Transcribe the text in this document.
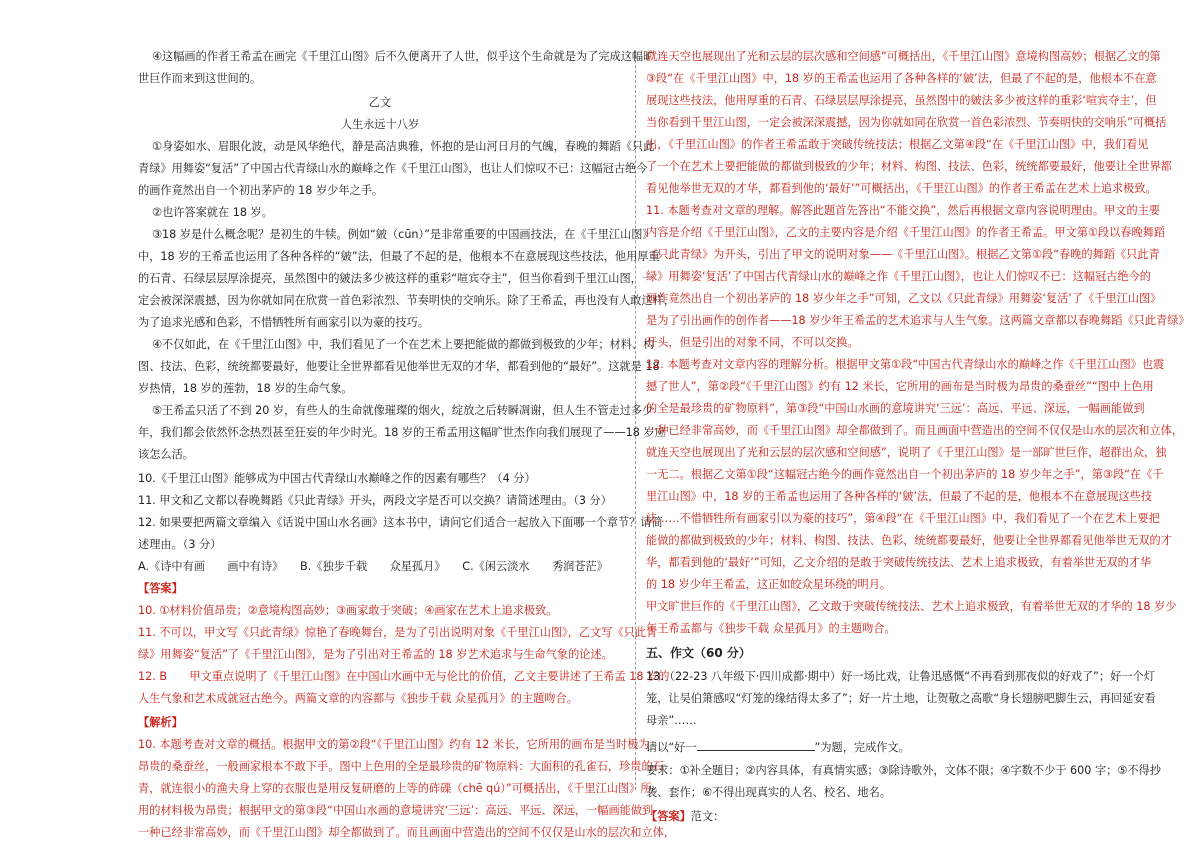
④这幅画的作者王希孟在画完《千里江山图》后不久便离开了人世，似乎这个生命就是为了完成这幅旷
世巨作而来到这世间的。
乙文
人生永远十八岁
①身姿如水、眉眼化波，动是风华绝代，静是高洁典雅，怀抱的是山河日月的气魄，春晚的舞蹈《只此
青绿》用舞姿“复活”了中国古代青绿山水的巅峰之作《千里江山图》，也让人们惊叹不已：这幅冠古绝今
的画作竟然出自一个初出茅庐的 18 岁少年之手。
②也许答案就在 18 岁。
③18 岁是什么概念呢？是初生的牛犊。例如“皴（cūn）”是非常重要的中国画技法，在《千里江山图》
中，18 岁的王希孟也运用了各种各样的“皴”法，但最了不起的是，他根本不在意展现这些技法，他用厚重
的石青、石绿层层厚涂提亮，虽然图中的皴法多少被这样的重彩“喧宾夺主”，但当你看到千里江山图，一
定会被深深震撼，因为你就如同在欣赏一首色彩浓烈、节奏明快的交响乐。除了王希孟，再也没有人敢这样，
为了追求光感和色彩，不惜牺牲所有画家引以为豪的技巧。
④不仅如此，在《千里江山图》中，我们看见了一个在艺术上要把能做的都做到极致的少年；材料、构
图、技法、色彩，统统都要最好，他要让全世界都看见他举世无双的才华，都看到他的“最好”。这就是 18
岁热情，18 岁的莲勃，18 岁的生命气象。
⑤王希孟只活了不到 20 岁，有些人的生命就像璀璨的烟火，绽放之后转瞬凋谢，但人生不管走过多少
年，我们都会依然怀念热烈甚至狂妄的年少时光。18 岁的王希孟用这幅旷世杰作向我们展现了——18 岁应
该怎么活。
10.《千里江山图》能够成为中国古代青绿山水巅峰之作的因素有哪些？（4 分）
11. 甲文和乙文都以春晚舞蹈《只此青绿》开头，两段文字是否可以交换？请简述理由。（3 分）
12. 如果要把两篇文章编入《话说中国山水名画》这本书中，请问它们适合一起放入下面哪一个章节？请简
述理由。（3 分）
A.《诗中有画　　画中有诗》　　B.《独步千载　　众星孤月》　　C.《闲云淡水　　秀润苍茫》
【答案】
10. ①材料价值昂贵；②意境构图高妙；③画家敢于突破；④画家在艺术上追求极致。
11. 不可以，甲文写《只此青绿》惊艳了春晚舞台，是为了引出说明对象《千里江山图》，乙文写《只此青
绿》用舞姿“复活”了《千里江山图》，是为了引出对王希孟的 18 岁艺术追求与生命气象的论述。
12. B　　甲文重点说明了《千里江山图》在中国山水画中无与伦比的价值，乙文主要讲述了王希孟 18 岁的
人生气象和艺术成就冠古绝今。两篇文章的内容都与《独步千载 众星孤月》的主题吻合。
【解析】
10. 本题考查对文章的概括。根据甲文的第②段“《千里江山图》约有 12 米长，它所用的画布是当时极为
昂贵的桑蚕丝，一般画家根本不敢下手。图中上色用的全是最珍贵的矿物原料：大面积的孔雀石，珍贵的石
青，就连很小的渔夫身上穿的衣服也是用反复研磨的上等的砗磲（chē qú）”可概括出，《千里江山图》所
用的材料极为昂贵；根据甲文的第③段“中国山水画的意境讲究‘三远’：高远、平远、深远，一幅画能做到
一种已经非常高妙，而《千里江山图》却全都做到了。而且画面中营造出的空间不仅仅是山水的层次和立体，
就连天空也展现出了光和云层的层次感和空间感”可概括出，《千里江山图》意境构图高妙；根据乙文的第
③段“在《千里江山图》中，18 岁的王希孟也运用了各种各样的‘皴’法，但最了不起的是，他根本不在意
展现这些技法，他用厚重的石青、石绿层层厚涂提亮，虽然图中的皴法多少被这样的重彩‘喧宾夺主’，但
当你看到千里江山图，一定会被深深震撼，因为你就如同在欣赏一首色彩浓烈、节奏明快的交响乐”可概括
出，《千里江山图》的作者王希孟敢于突破传统技法；根据乙文第④段“在《千里江山图》中，我们看见
了一个在艺术上要把能做的都做到极致的少年；材料、构图、技法、色彩，统统都要最好，他要让全世界都
看见他举世无双的才华，都看到他的‘最好’”可概括出，《千里江山图》的作者王希孟在艺术上追求极致。
11. 本题考查对文章的理解。解答此题首先答出“不能交换”，然后再根据文章内容说明理由。甲文的主要
内容是介绍《千里江山图》，乙文的主要内容是介绍《千里江山图》的作者王希孟。甲文第①段以春晚舞蹈
《只此青绿》为开头，引出了甲文的说明对象——《千里江山图》。根据乙文第①段“春晚的舞蹈《只此青
绿》用舞姿‘复活’了中国古代青绿山水的巅峰之作《千里江山图》，也让人们惊叹不已：这幅冠古绝今的
画作竟然出自一个初出茅庐的 18 岁少年之手”可知，乙文以《只此青绿》用舞姿‘复活’了《千里江山图》
是为了引出画作的创作者——18 岁少年王希孟的艺术追求与人生气象。这两篇文章都以春晚舞蹈《只此青绿》
开头，但是引出的对象不同，不可以交换。
12. 本题考查对文章内容的理解分析。根据甲文第①段“中国古代青绿山水的巅峰之作《千里江山图》也震
撼了世人”，第②段“《千里江山图》约有 12 米长，它所用的画布是当时极为昂贵的桑蚕丝”“图中上色用
的全是最珍贵的矿物原料”，第③段“中国山水画的意境讲究‘三远’：高远、平远、深远，一幅画能做到
一种已经非常高妙，而《千里江山图》却全都做到了。而且画面中营造出的空间不仅仅是山水的层次和立体，
就连天空也展现出了光和云层的层次感和空间感”，说明了《千里江山图》是一部旷世巨作，超群出众，独
一无二。根据乙文第①段“这幅冠古绝今的画作竟然出自一个初出茅庐的 18 岁少年之手”，第③段“在《千
里江山图》中，18 岁的王希孟也运用了各种各样的‘皴’法，但最了不起的是，他根本不在意展现这些技
法……不惜牺牲所有画家引以为豪的技巧”，第④段“在《千里江山图》中，我们看见了一个在艺术上要把
能做的都做到极致的少年；材料、构图、技法、色彩，统统都要最好，他要让全世界都看见他举世无双的才
华，都看到他的‘最好’”可知，乙文介绍的是敢于突破传统技法、艺术上追求极致，有着举世无双的才华
的 18 岁少年王希孟，这正如皎众星环绕的明月。
甲文旷世巨作的《千里江山图》，乙文敢于突破传统技法、艺术上追求极致，有着举世无双的才华的 18 岁少
年王希孟都与《独步千载 众星孤月》的主题吻合。
五、作文（60 分）
13.（22-23 八年级下·四川成都·期中）好一场比戏，让鲁迅感慨“不再看到那夜似的好戏了”；好一个灯
笼，让吴伯箫感叹“灯笼的缘结得太多了”；好一片土地，让贺敬之高歌“身长翅膀吧脚生云，再回延安看
母亲”……
请以“好一	”为题，完成作文。
要求：①补全题目；②内容具体，有真情实感；③除诗歌外，文体不限；④字数不少于 600 字；⑤不得抄
袭、套作；⑥不得出现真实的人名、校名、地名。
【答案】范文：
